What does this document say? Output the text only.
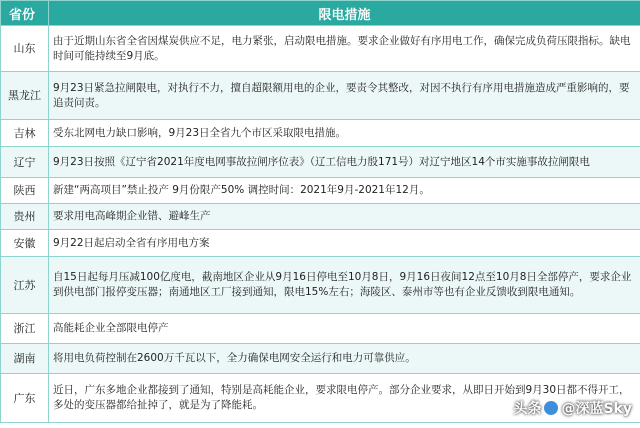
省份	限电措施
山东	由于近期山东省全省因煤炭供应不足，电力紧张，启动限电措施。要求企业做好有序用电工作，确保完成负荷压限指标。缺电时间可能持续至9月底。
黑龙江	9月23日紧急拉闸限电，对执行不力，擅自超限额用电的企业，要责令其整改，对因不执行有序用电措施造成严重影响的，要追责问责。
吉林	受东北网电力缺口影响，9月23日全省九个市区采取限电措施。
辽宁	9月23日按照《辽宁省2021年度电网事故拉闸序位表》（辽工信电力殷171号）对辽宁地区14个市实施事故拉闸限电
陕西	新建“两高项目”禁止投产 9月份限产50% 调控时间：2021年9月-2021年12月。
贵州	要求用电高峰期企业错、避峰生产
安徽	9月22日起启动全省有序用电方案
江苏	自15日起每月压减100亿度电，截南地区企业从9月16日停电至10月8日，9月16日夜间12点至10月8日全部停产，要求企业到供电部门报停变压器；南通地区工厂接到通知，限电15%左右；海陵区、泰州市等也有企业反馈收到限电通知。
浙江	高能耗企业全部限电停产
湖南	将用电负荷控制在2600万千瓦以下，全力确保电网安全运行和电力可靠供应。
广东	近日，广东多地企业都接到了通知，特别是高耗能企业，要求限电停产。部分企业要求，从即日开始到9月30日都不得开工，多处的变压器都给扯掉了，就是为了降能耗。	头条 @深蓝Sky
